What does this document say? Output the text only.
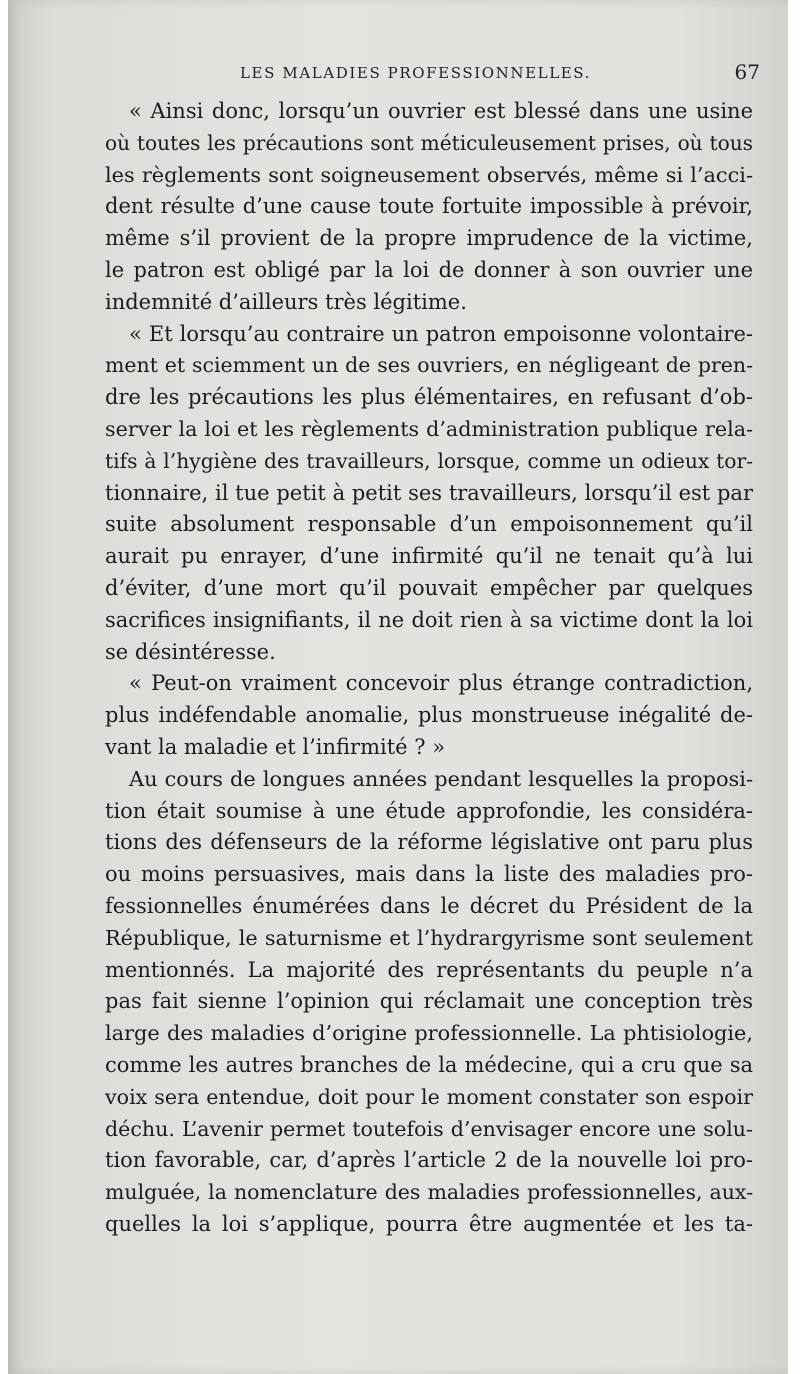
LES MALADIES PROFESSIONNELLES.	67
« Ainsi donc, lorsqu’un ouvrier est blessé dans une usine
où toutes les précautions sont méticuleusement prises, où tous
les règlements sont soigneusement observés, même si l’acci-
dent résulte d’une cause toute fortuite impossible à prévoir,
même s’il provient de la propre imprudence de la victime,
le patron est obligé par la loi de donner à son ouvrier une
indemnité d’ailleurs très légitime.
« Et lorsqu’au contraire un patron empoisonne volontaire-
ment et sciemment un de ses ouvriers, en négligeant de pren-
dre les précautions les plus élémentaires, en refusant d’ob-
server la loi et les règlements d’administration publique rela-
tifs à l’hygiène des travailleurs, lorsque, comme un odieux tor-
tionnaire, il tue petit à petit ses travailleurs, lorsqu’il est par
suite absolument responsable d’un empoisonnement qu’il
aurait pu enrayer, d’une infirmité qu’il ne tenait qu’à lui
d’éviter, d’une mort qu’il pouvait empêcher par quelques
sacrifices insignifiants, il ne doit rien à sa victime dont la loi
se désintéresse.
« Peut-on vraiment concevoir plus étrange contradiction,
plus indéfendable anomalie, plus monstrueuse inégalité de-
vant la maladie et l’infirmité ? »
Au cours de longues années pendant lesquelles la proposi-
tion était soumise à une étude approfondie, les considéra-
tions des défenseurs de la réforme législative ont paru plus
ou moins persuasives, mais dans la liste des maladies pro-
fessionnelles énumérées dans le décret du Président de la
République, le saturnisme et l’hydrargyrisme sont seulement
mentionnés. La majorité des représentants du peuple n’a
pas fait sienne l’opinion qui réclamait une conception très
large des maladies d’origine professionnelle. La phtisiologie,
comme les autres branches de la médecine, qui a cru que sa
voix sera entendue, doit pour le moment constater son espoir
déchu. L’avenir permet toutefois d’envisager encore une solu-
tion favorable, car, d’après l’article 2 de la nouvelle loi pro-
mulguée, la nomenclature des maladies professionnelles, aux-
quelles la loi s’applique, pourra être augmentée et les ta-
